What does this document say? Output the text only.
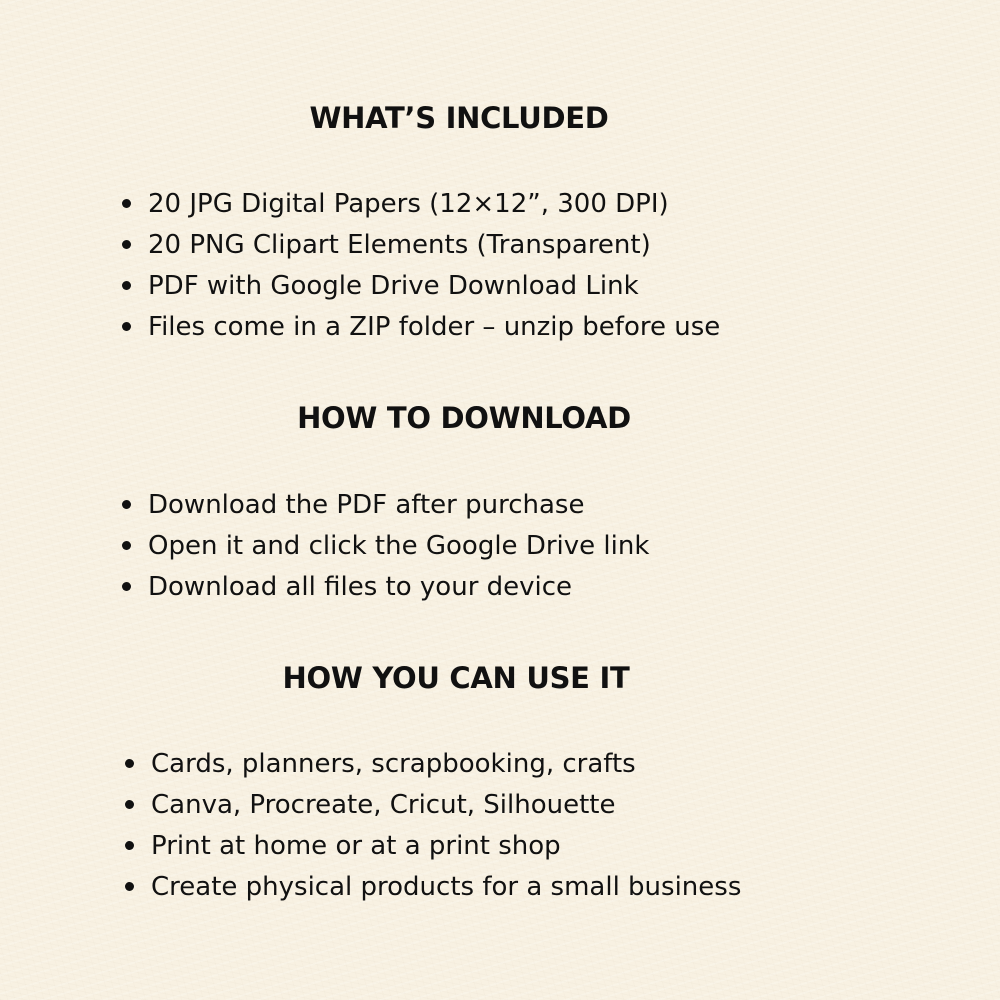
WHAT’S INCLUDED
20 JPG Digital Papers (12×12”, 300 DPI)
20 PNG Clipart Elements (Transparent)
PDF with Google Drive Download Link
Files come in a ZIP folder – unzip before use
HOW TO DOWNLOAD
Download the PDF after purchase
Open it and click the Google Drive link
Download all files to your device
HOW YOU CAN USE IT
Cards, planners, scrapbooking, crafts
Canva, Procreate, Cricut, Silhouette
Print at home or at a print shop
Create physical products for a small business
